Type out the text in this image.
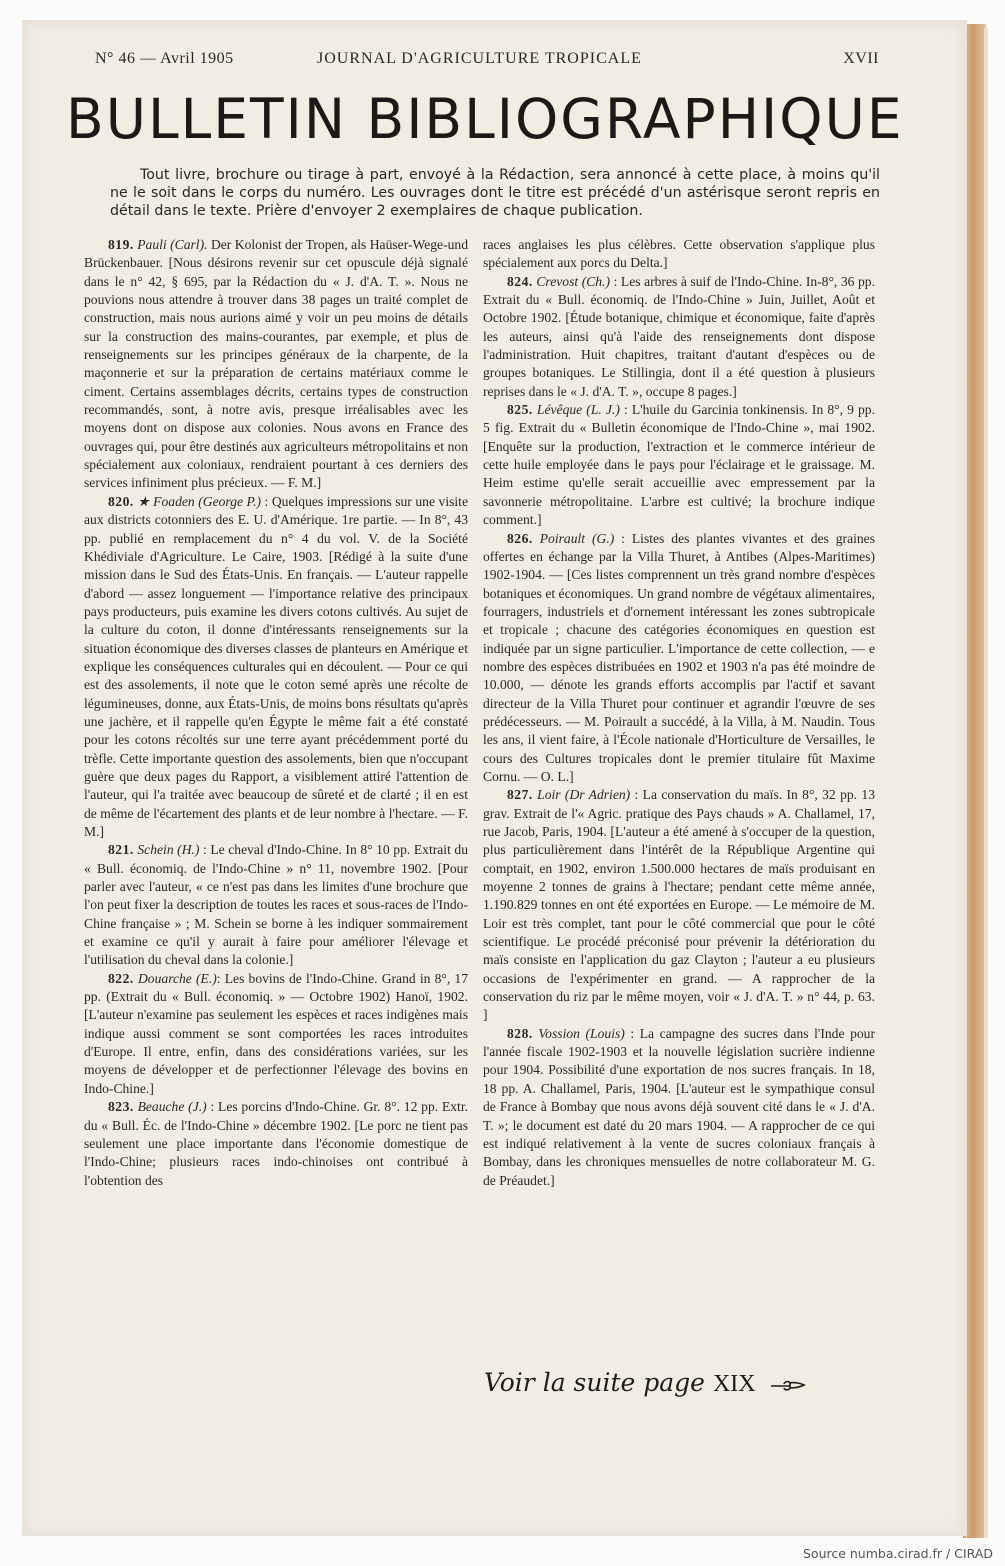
N° 46 — Avril 1905	JOURNAL D'AGRICULTURE TROPICALE	XVII
BULLETIN BIBLIOGRAPHIQUE
Tout livre, brochure ou tirage à part, envoyé à la Rédaction, sera annoncé à cette place, à moins qu'il ne le soit dans le corps du numéro. Les ouvrages dont le titre est précédé d'un astérisque seront repris en détail dans le texte. Prière d'envoyer 2 exemplaires de chaque publication.

819. Pauli (Carl). Der Kolonist der Tropen, als Haüser-Wege-und Brückenbauer. [Nous désirons revenir sur cet opuscule déjà signalé dans le n° 42, § 695, par la Rédaction du « J. d'A. T. ». Nous ne pouvions nous attendre à trouver dans 38 pages un traité complet de construction, mais nous aurions aimé y voir un peu moins de détails sur la construction des mains-courantes, par exemple, et plus de renseignements sur les principes généraux de la charpente, de la maçonnerie et sur la préparation de certains matériaux comme le ciment. Certains assemblages décrits, certains types de construction recommandés, sont, à notre avis, presque irréalisables avec les moyens dont on dispose aux colonies. Nous avons en France des ouvrages qui, pour être destinés aux agriculteurs métropolitains et non spécialement aux coloniaux, rendraient pourtant à ces derniers des services infiniment plus précieux. — F. M.]

820. ★ Foaden (George P.) : Quelques impressions sur une visite aux districts cotonniers des E. U. d'Amérique. 1re partie. — In 8°, 43 pp. publié en remplacement du n° 4 du vol. V. de la Société Khédiviale d'Agriculture. Le Caire, 1903. [Rédigé à la suite d'une mission dans le Sud des États-Unis. En français. — L'auteur rappelle d'abord — assez longuement — l'importance relative des principaux pays producteurs, puis examine les divers cotons cultivés. Au sujet de la culture du coton, il donne d'intéressants renseignements sur la situation économique des diverses classes de planteurs en Amérique et explique les conséquences culturales qui en découlent. — Pour ce qui est des assolements, il note que le coton semé après une récolte de légumineuses, donne, aux États-Unis, de moins bons résultats qu'après une jachère, et il rappelle qu'en Égypte le même fait a été constaté pour les cotons récoltés sur une terre ayant précédemment porté du trèfle. Cette importante question des assolements, bien que n'occupant guère que deux pages du Rapport, a visiblement attiré l'attention de l'auteur, qui l'a traitée avec beaucoup de sûreté et de clarté ; il en est de même de l'écartement des plants et de leur nombre à l'hectare. — F. M.]

821. Schein (H.) : Le cheval d'Indo-Chine. In 8° 10 pp. Extrait du « Bull. économiq. de l'Indo-Chine » n° 11, novembre 1902. [Pour parler avec l'auteur, « ce n'est pas dans les limites d'une brochure que l'on peut fixer la description de toutes les races et sous-races de l'Indo-Chine française » ; M. Schein se borne à les indiquer sommairement et examine ce qu'il y aurait à faire pour améliorer l'élevage et l'utilisation du cheval dans la colonie.]

822. Douarche (E.): Les bovins de l'Indo-Chine. Grand in 8°, 17 pp. (Extrait du « Bull. économiq. » — Octobre 1902) Hanoï, 1902. [L'auteur n'examine pas seulement les espèces et races indigènes mais indique aussi comment se sont comportées les races introduites d'Europe. Il entre, enfin, dans des considérations variées, sur les moyens de développer et de perfectionner l'élevage des bovins en Indo-Chine.]

823. Beauche (J.) : Les porcins d'Indo-Chine. Gr. 8°. 12 pp. Extr. du « Bull. Éc. de l'Indo-Chine » décembre 1902. [Le porc ne tient pas seulement une place importante dans l'économie domestique de l'Indo-Chine; plusieurs races indo-chinoises ont contribué à l'obtention des

races anglaises les plus célèbres. Cette observation s'applique plus spécialement aux porcs du Delta.]

824. Crevost (Ch.) : Les arbres à suif de l'Indo-Chine. In-8°, 36 pp. Extrait du « Bull. économiq. de l'Indo-Chine » Juin, Juillet, Août et Octobre 1902. [Étude botanique, chimique et économique, faite d'après les auteurs, ainsi qu'à l'aide des renseignements dont dispose l'administration. Huit chapitres, traitant d'autant d'espèces ou de groupes botaniques. Le Stillingia, dont il a été question à plusieurs reprises dans le « J. d'A. T. », occupe 8 pages.]

825. Lévêque (L. J.) : L'huile du Garcinia tonkinensis. In 8°, 9 pp. 5 fig. Extrait du « Bulletin économique de l'Indo-Chine », mai 1902. [Enquête sur la production, l'extraction et le commerce intérieur de cette huile employée dans le pays pour l'éclairage et le graissage. M. Heim estime qu'elle serait accueillie avec empressement par la savonnerie métropolitaine. L'arbre est cultivé; la brochure indique comment.]

826. Poirault (G.) : Listes des plantes vivantes et des graines offertes en échange par la Villa Thuret, à Antibes (Alpes-Maritimes) 1902-1904. — [Ces listes comprennent un très grand nombre d'espèces botaniques et économiques. Un grand nombre de végétaux alimentaires, fourragers, industriels et d'ornement intéressant les zones subtropicale et tropicale ; chacune des catégories économiques en question est indiquée par un signe particulier. L'importance de cette collection, — e nombre des espèces distribuées en 1902 et 1903 n'a pas été moindre de 10.000, — dénote les grands efforts accomplis par l'actif et savant directeur de la Villa Thuret pour continuer et agrandir l'œuvre de ses prédécesseurs. — M. Poirault a succédé, à la Villa, à M. Naudin. Tous les ans, il vient faire, à l'École nationale d'Horticulture de Versailles, le cours des Cultures tropicales dont le premier titulaire fût Maxime Cornu. — O. L.]

827. Loir (Dr Adrien) : La conservation du maïs. In 8°, 32 pp. 13 grav. Extrait de l'« Agric. pratique des Pays chauds » A. Challamel, 17, rue Jacob, Paris, 1904. [L'auteur a été amené à s'occuper de la question, plus particulièrement dans l'intérêt de la République Argentine qui comptait, en 1902, environ 1.500.000 hectares de maïs produisant en moyenne 2 tonnes de grains à l'hectare; pendant cette même année, 1.190.829 tonnes en ont été exportées en Europe. — Le mémoire de M. Loir est très complet, tant pour le côté commercial que pour le côté scientifique. Le procédé préconisé pour prévenir la détérioration du maïs consiste en l'application du gaz Clayton ; l'auteur a eu plusieurs occasions de l'expérimenter en grand. — A rapprocher de la conservation du riz par le même moyen, voir « J. d'A. T. » n° 44, p. 63. ]

828. Vossion (Louis) : La campagne des sucres dans l'Inde pour l'année fiscale 1902-1903 et la nouvelle législation sucrière indienne pour 1904. Possibilité d'une exportation de nos sucres français. In 18, 18 pp. A. Challamel, Paris, 1904. [L'auteur est le sympathique consul de France à Bombay que nous avons déjà souvent cité dans le « J. d'A. T. »; le document est daté du 20 mars 1904. — A rapprocher de ce qui est indiqué relativement à la vente de sucres coloniaux français à Bombay, dans les chroniques mensuelles de notre collaborateur M. G. de Préaudet.]

Voir la suite page XIX
Source numba.cirad.fr / CIRAD
